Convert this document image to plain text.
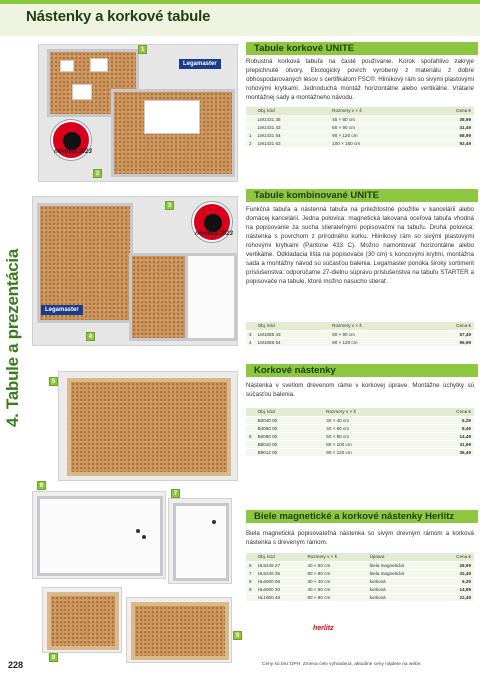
Nástenky a korkové tabule
4. Tabule a prezentácia
Legamaster
novinka 2023
1
2
Tabule korkové UNITE
Robustná korková tabuľa na časté používanie. Korok spoľahlivo zakryje prepichnuté otvory. Ekologický povrch vyrobený z materiálu z dobre obhospodarovaných lesov s certifikátom FSC®. Hliníkový rám so sivými plastovými rohovými krytkami. Jednoduchá montáž horizontálne alebo vertikálne. Vrátane montážnej sady a montážneho návodu.
	Obj. kód	Rozmery v × š	Cena €
	LM1431 35	45 × 60 cm	38,99
	LM1431 43	60 × 90 cm	41,49
1	LM1431 54	90 × 120 cm	68,99
2	LM1431 63	100 × 150 cm	92,49
Legamaster
novinka 2023
3
4
Tabule kombinované UNITE
Funkčná tabuľa a nástenná tabuľa na príležitostné použitie v kancelárii alebo domácej kancelárii. Jedna polovica: magnetická lakovaná oceľová tabuľa vhodná na popisovanie za sucha stierateľnými popisovačmi na tabuľu. Druhá polovica: nástenka s povrchom z prírodného korku. Hliníkový rám so sivými plastovými rohovými krytkami (Pantone 433 C). Možno namontovať horizontálne alebo vertikálne. Odkladacia lišta na popisovače (30 cm) s koncovými krytmi, montážna sada a montážny návod sú súčasťou balenia. Legamaster ponúka široký sortiment príslušenstva: odporúčame 27-dielnu súpravu príslušenstva na tabuľu STARTER a popisovače na tabule, ktoré možno nasucho stierať.
	Obj. kód	Rozmery v × š	Cena €
3	LM1086 43	60 × 90 cm	57,49
4	LM1086 54	90 × 120 cm	96,99
5
Korkové nástenky
Nástenka v svetlom drevenom ráme v korkovej úprave. Montážne úchytky sú súčasťou balenia.
	Obj. kód	Rozmery v × š	Cena €
	B0040 00	30 × 40 cm	6,29
	B4060 00	40 × 60 cm	8,49
5	B6090 00	60 × 90 cm	14,49
	B8010 00	80 × 100 cm	31,99
	B9012 00	90 × 120 cm	36,49
6
7
8
9
Biele magnetické a korkové nástenky Herlitz
Biela magnetická popisovateľná nástenka so sivým drevným rámom a korková nástenka s dreveným rámom.
	Obj. kód	Rozmery v × š	Úprava	Cena €
6	HL5246 27	40 × 60 cm	biela magnetická	28,99
7	HL5246 35	60 × 80 cm	biela magnetická	32,49
8	HL6000 06	30 × 40 cm	korková	9,29
9	HL6000 30	40 × 60 cm	korková	14,99
	HL1600 48	60 × 80 cm	korková	22,49
herlitz
228	Ceny sú bez DPH. Zmena cien vyhradená, aktuálne ceny nájdete na webe.
